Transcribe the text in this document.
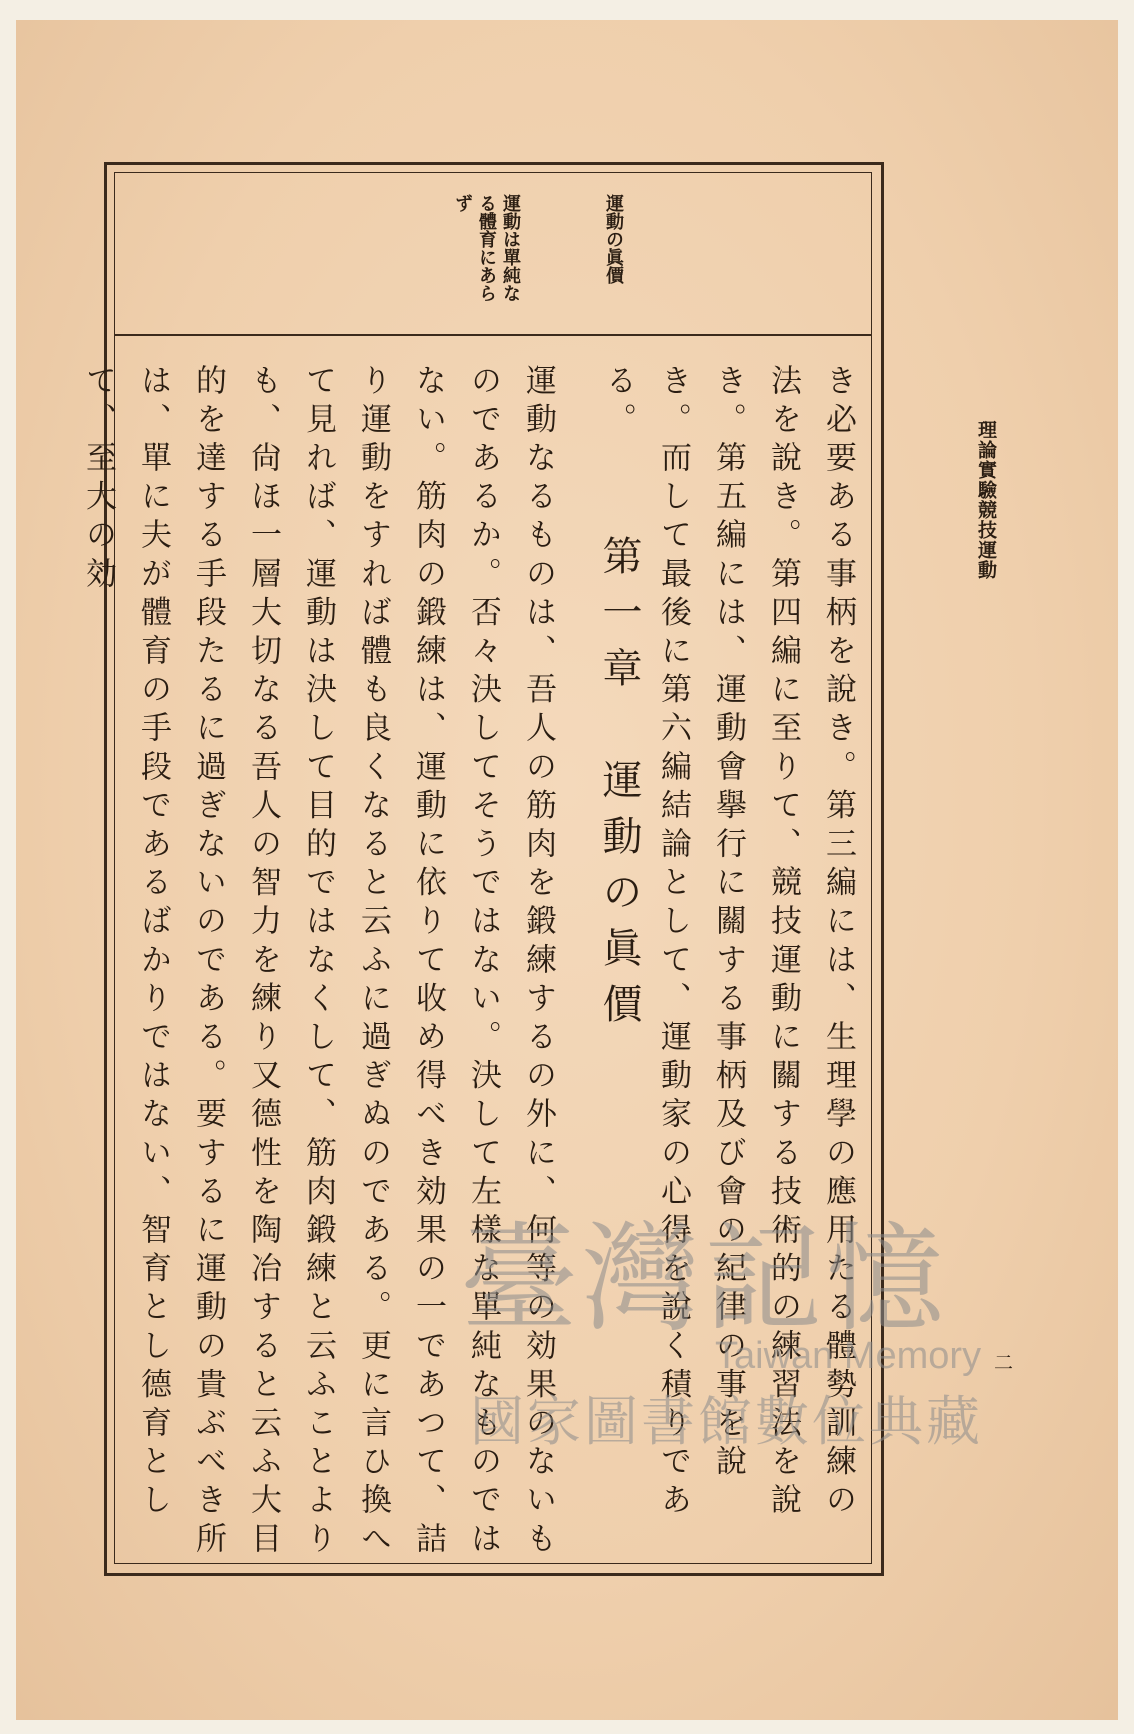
理論實驗競技運動
二
運動の眞價
運動は單純なる體育にあらず
き必要ある事柄を說き。第三編には、生理學の應用たる體勢訓練の法を說き。第四編に至りて、競技運動に關する技術的の練習法を說き。第五編には、運動會擧行に關する事柄及び會の紀律の事を說き。而して最後に第六編結論として、運動家の心得を說く積りである。
第一章　運動の眞價
運動なるものは、吾人の筋肉を鍛練するの外に、何等の効果のないものであるか。否々決してそうではない。決して左樣な單純なものではない。筋肉の鍛練は、運動に依りて收め得べき効果の一であつて、詰り運動をすれば體も良くなると云ふに過ぎぬのである。更に言ひ換へて見れば、運動は決して目的ではなくして、筋肉鍛練と云ふことよりも、尙ほ一層大切なる吾人の智力を練り又德性を陶冶すると云ふ大目的を達する手段たるに過ぎないのである。要するに運動の貴ぶべき所は、單に夫が體育の手段であるばかりではない、智育とし德育として、至大の効
臺灣記憶
Taiwan Memory
國家圖書館數位典藏
